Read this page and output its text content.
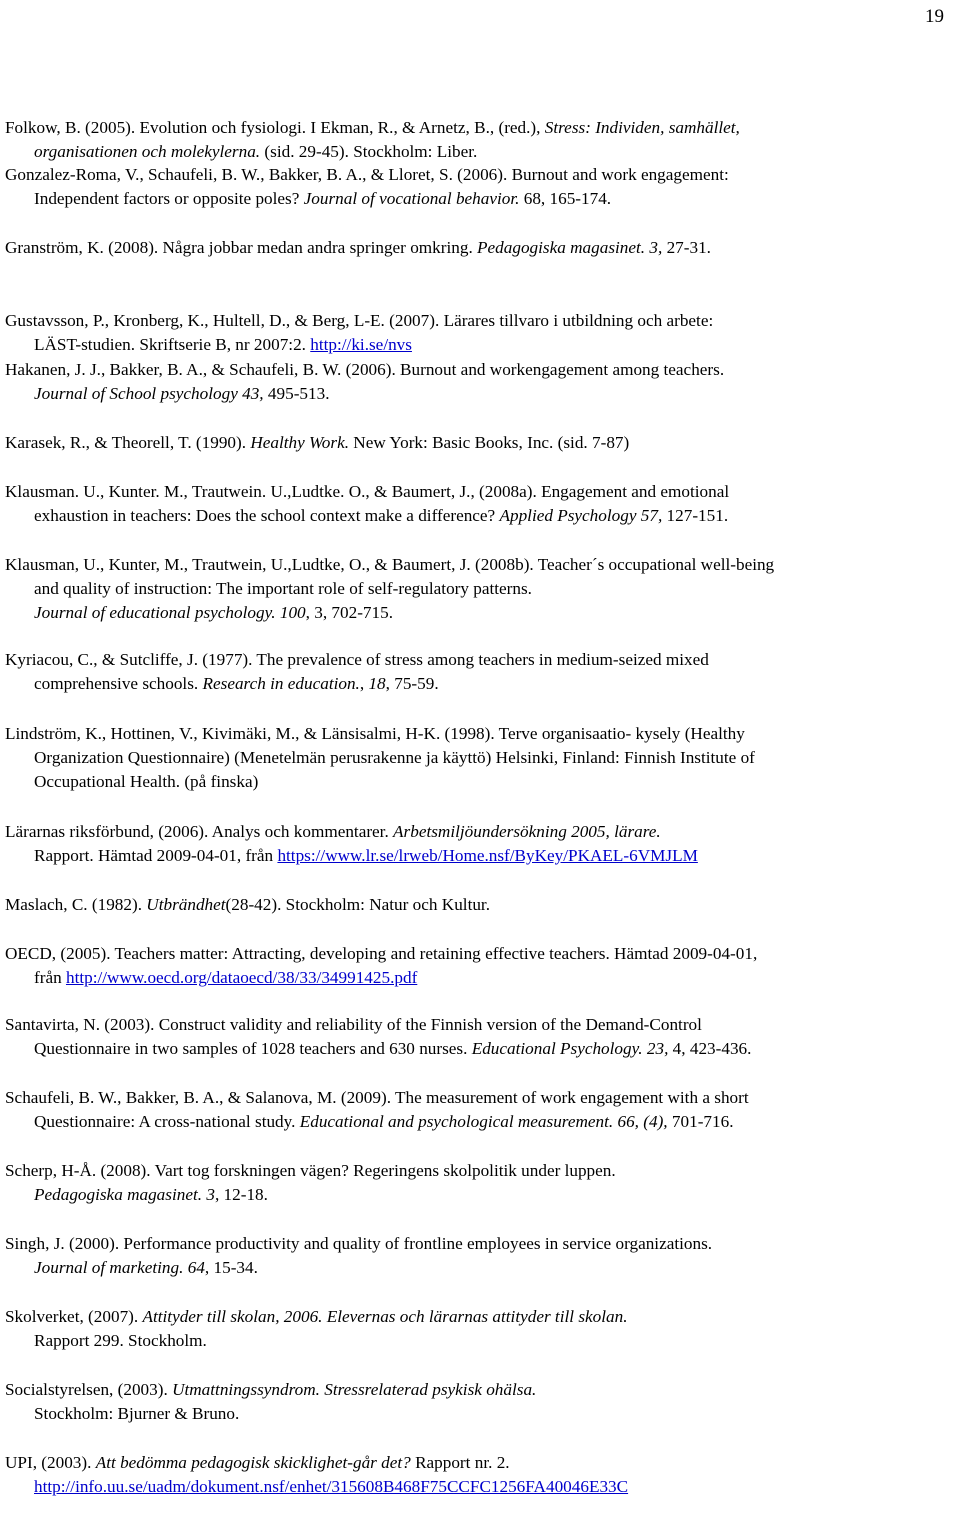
19
Folkow, B. (2005). Evolution och fysiologi. I Ekman, R., & Arnetz, B., (red.), Stress: Individen, samhället,
organisationen och molekylerna. (sid. 29-45). Stockholm: Liber.
Gonzalez-Roma, V., Schaufeli, B. W., Bakker, B. A., & Lloret, S. (2006). Burnout and work engagement:
Independent factors or opposite poles? Journal of vocational behavior. 68, 165-174.
Granström, K. (2008). Några jobbar medan andra springer omkring. Pedagogiska magasinet. 3, 27-31.
Gustavsson, P., Kronberg, K., Hultell, D., & Berg, L-E. (2007). Lärares tillvaro i utbildning och arbete:
LÄST-studien. Skriftserie B, nr 2007:2. http://ki.se/nvs
Hakanen, J. J., Bakker, B. A., & Schaufeli, B. W. (2006). Burnout and workengagement among teachers.
Journal of School psychology 43, 495-513.
Karasek, R., & Theorell, T. (1990). Healthy Work. New York: Basic Books, Inc. (sid. 7-87)
Klausman. U., Kunter. M., Trautwein. U.,Ludtke. O., & Baumert, J., (2008a). Engagement and emotional
exhaustion in teachers: Does the school context make a difference? Applied Psychology 57, 127-151.
Klausman, U., Kunter, M., Trautwein, U.,Ludtke, O., & Baumert, J. (2008b). Teacher´s occupational well-being
and quality of instruction: The important role of self-regulatory patterns.
Journal of educational psychology. 100, 3, 702-715.
Kyriacou, C., & Sutcliffe, J. (1977). The prevalence of stress among teachers in medium-seized mixed
comprehensive schools. Research in education., 18, 75-59.
Lindström, K., Hottinen, V., Kivimäki, M., & Länsisalmi, H-K. (1998). Terve organisaatio- kysely (Healthy
Organization Questionnaire) (Menetelmän perusrakenne ja käyttö) Helsinki, Finland: Finnish Institute of
Occupational Health. (på finska)
Lärarnas riksförbund, (2006). Analys och kommentarer. Arbetsmiljöundersökning 2005, lärare.
Rapport. Hämtad 2009-04-01, från https://www.lr.se/lrweb/Home.nsf/ByKey/PKAEL-6VMJLM
Maslach, C. (1982). Utbrändhet(28-42). Stockholm: Natur och Kultur.
OECD, (2005). Teachers matter: Attracting, developing and retaining effective teachers. Hämtad 2009-04-01,
från http://www.oecd.org/dataoecd/38/33/34991425.pdf
Santavirta, N. (2003). Construct validity and reliability of the Finnish version of the Demand-Control
Questionnaire in two samples of 1028 teachers and 630 nurses. Educational Psychology. 23, 4, 423-436.
Schaufeli, B. W., Bakker, B. A., & Salanova, M. (2009). The measurement of work engagement with a short
Questionnaire: A cross-national study. Educational and psychological measurement. 66, (4), 701-716.
Scherp, H-Å. (2008). Vart tog forskningen vägen? Regeringens skolpolitik under luppen.
Pedagogiska magasinet. 3, 12-18.
Singh, J. (2000). Performance productivity and quality of frontline employees in service organizations.
Journal of marketing. 64, 15-34.
Skolverket, (2007). Attityder till skolan, 2006. Elevernas och lärarnas attityder till skolan.
Rapport 299. Stockholm.
Socialstyrelsen, (2003). Utmattningssyndrom. Stressrelaterad psykisk ohälsa.
Stockholm: Bjurner & Bruno.
UPI, (2003). Att bedömma pedagogisk skicklighet-går det? Rapport nr. 2.
http://info.uu.se/uadm/dokument.nsf/enhet/315608B468F75CCFC1256FA40046E33C
